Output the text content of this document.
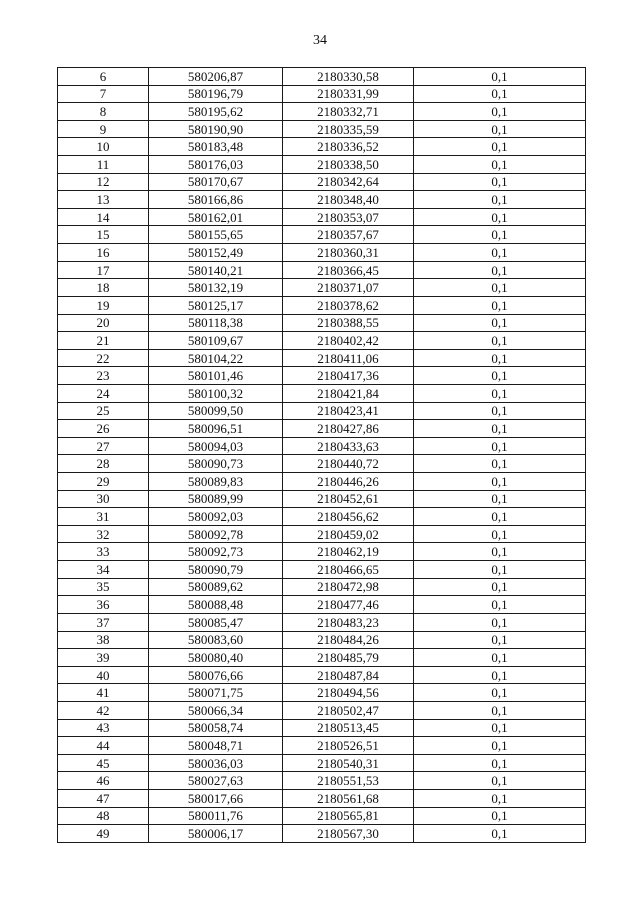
34
6	580206,87	2180330,58	0,1
7	580196,79	2180331,99	0,1
8	580195,62	2180332,71	0,1
9	580190,90	2180335,59	0,1
10	580183,48	2180336,52	0,1
11	580176,03	2180338,50	0,1
12	580170,67	2180342,64	0,1
13	580166,86	2180348,40	0,1
14	580162,01	2180353,07	0,1
15	580155,65	2180357,67	0,1
16	580152,49	2180360,31	0,1
17	580140,21	2180366,45	0,1
18	580132,19	2180371,07	0,1
19	580125,17	2180378,62	0,1
20	580118,38	2180388,55	0,1
21	580109,67	2180402,42	0,1
22	580104,22	2180411,06	0,1
23	580101,46	2180417,36	0,1
24	580100,32	2180421,84	0,1
25	580099,50	2180423,41	0,1
26	580096,51	2180427,86	0,1
27	580094,03	2180433,63	0,1
28	580090,73	2180440,72	0,1
29	580089,83	2180446,26	0,1
30	580089,99	2180452,61	0,1
31	580092,03	2180456,62	0,1
32	580092,78	2180459,02	0,1
33	580092,73	2180462,19	0,1
34	580090,79	2180466,65	0,1
35	580089,62	2180472,98	0,1
36	580088,48	2180477,46	0,1
37	580085,47	2180483,23	0,1
38	580083,60	2180484,26	0,1
39	580080,40	2180485,79	0,1
40	580076,66	2180487,84	0,1
41	580071,75	2180494,56	0,1
42	580066,34	2180502,47	0,1
43	580058,74	2180513,45	0,1
44	580048,71	2180526,51	0,1
45	580036,03	2180540,31	0,1
46	580027,63	2180551,53	0,1
47	580017,66	2180561,68	0,1
48	580011,76	2180565,81	0,1
49	580006,17	2180567,30	0,1
